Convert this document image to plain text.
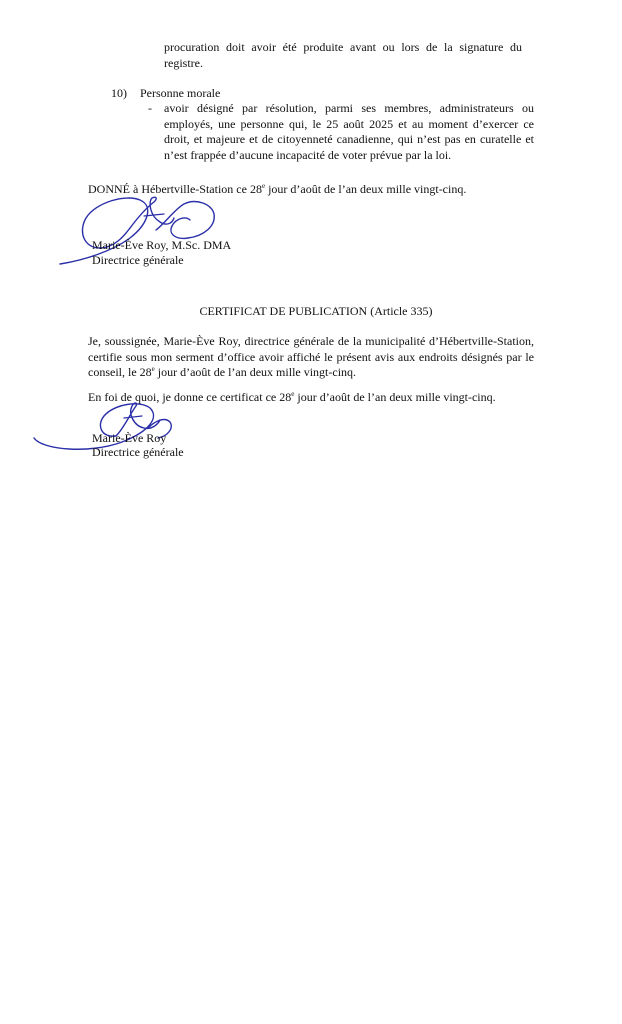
procuration doit avoir été produite avant ou lors de la signature du

registre.

10) Personne morale
- avoir désigné par résolution, parmi ses membres, administrateurs ou employés, une personne qui, le 25 août 2025 et au moment d’exercer ce droit, et majeure et de citoyenneté canadienne, qui n’est pas en curatelle et n’est frappée d’aucune incapacité de voter prévue par la loi.

DONNÉ à Hébertville-Station ce 28e jour d’août de l’an deux mille vingt-cinq.

Marie-Ève Roy, M.Sc. DMA

Directrice générale

CERTIFICAT DE PUBLICATION (Article 335)

Je, soussignée, Marie-Ève Roy, directrice générale de la municipalité d’Hébertville-Station, certifie sous mon serment d’office avoir affiché le présent avis aux endroits désignés par le conseil, le 28e jour d’août de l’an deux mille vingt-cinq.

En foi de quoi, je donne ce certificat ce 28e jour d’août de l’an deux mille vingt-cinq.

Marie-Ève Roy

Directrice générale
